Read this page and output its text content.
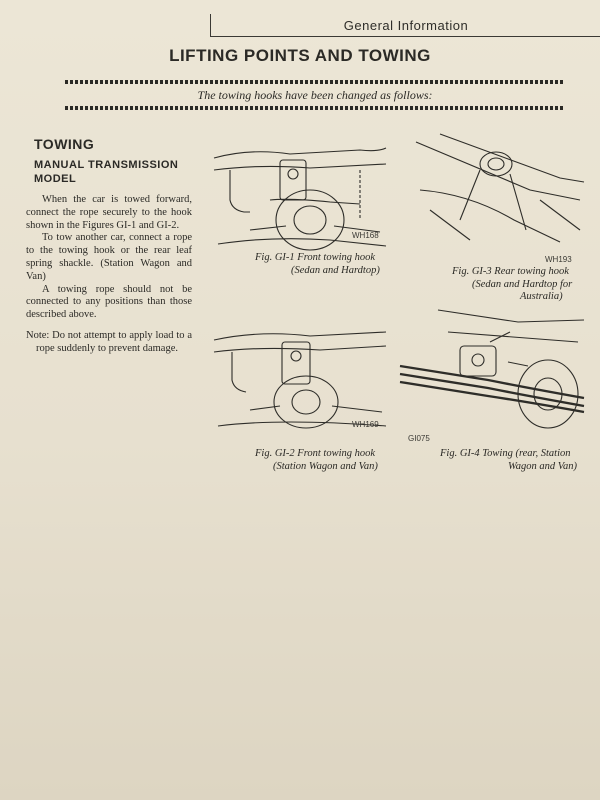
General Information
LIFTING POINTS AND TOWING
The towing hooks have been changed as follows:
TOWING
MANUAL TRANSMISSION MODEL

When the car is towed forward, connect the rope securely to the hook shown in the Figures GI-1 and GI-2.

To tow another car, connect a rope to the towing hook or the rear leaf spring shackle. (Station Wagon and Van)

A towing rope should not be connected to any positions than those described above.

Note: Do not attempt to apply load to a rope suddenly to prevent damage.

WH168
Fig. GI-1 Front towing hook
(Sedan and Hardtop)
WH193
Fig. GI-3 Rear towing hook
(Sedan and Hardtop for
Australia)
WH169
Fig. GI-2 Front towing hook
(Station Wagon and Van)
GI075
Fig. GI-4 Towing (rear, Station
Wagon and Van)
